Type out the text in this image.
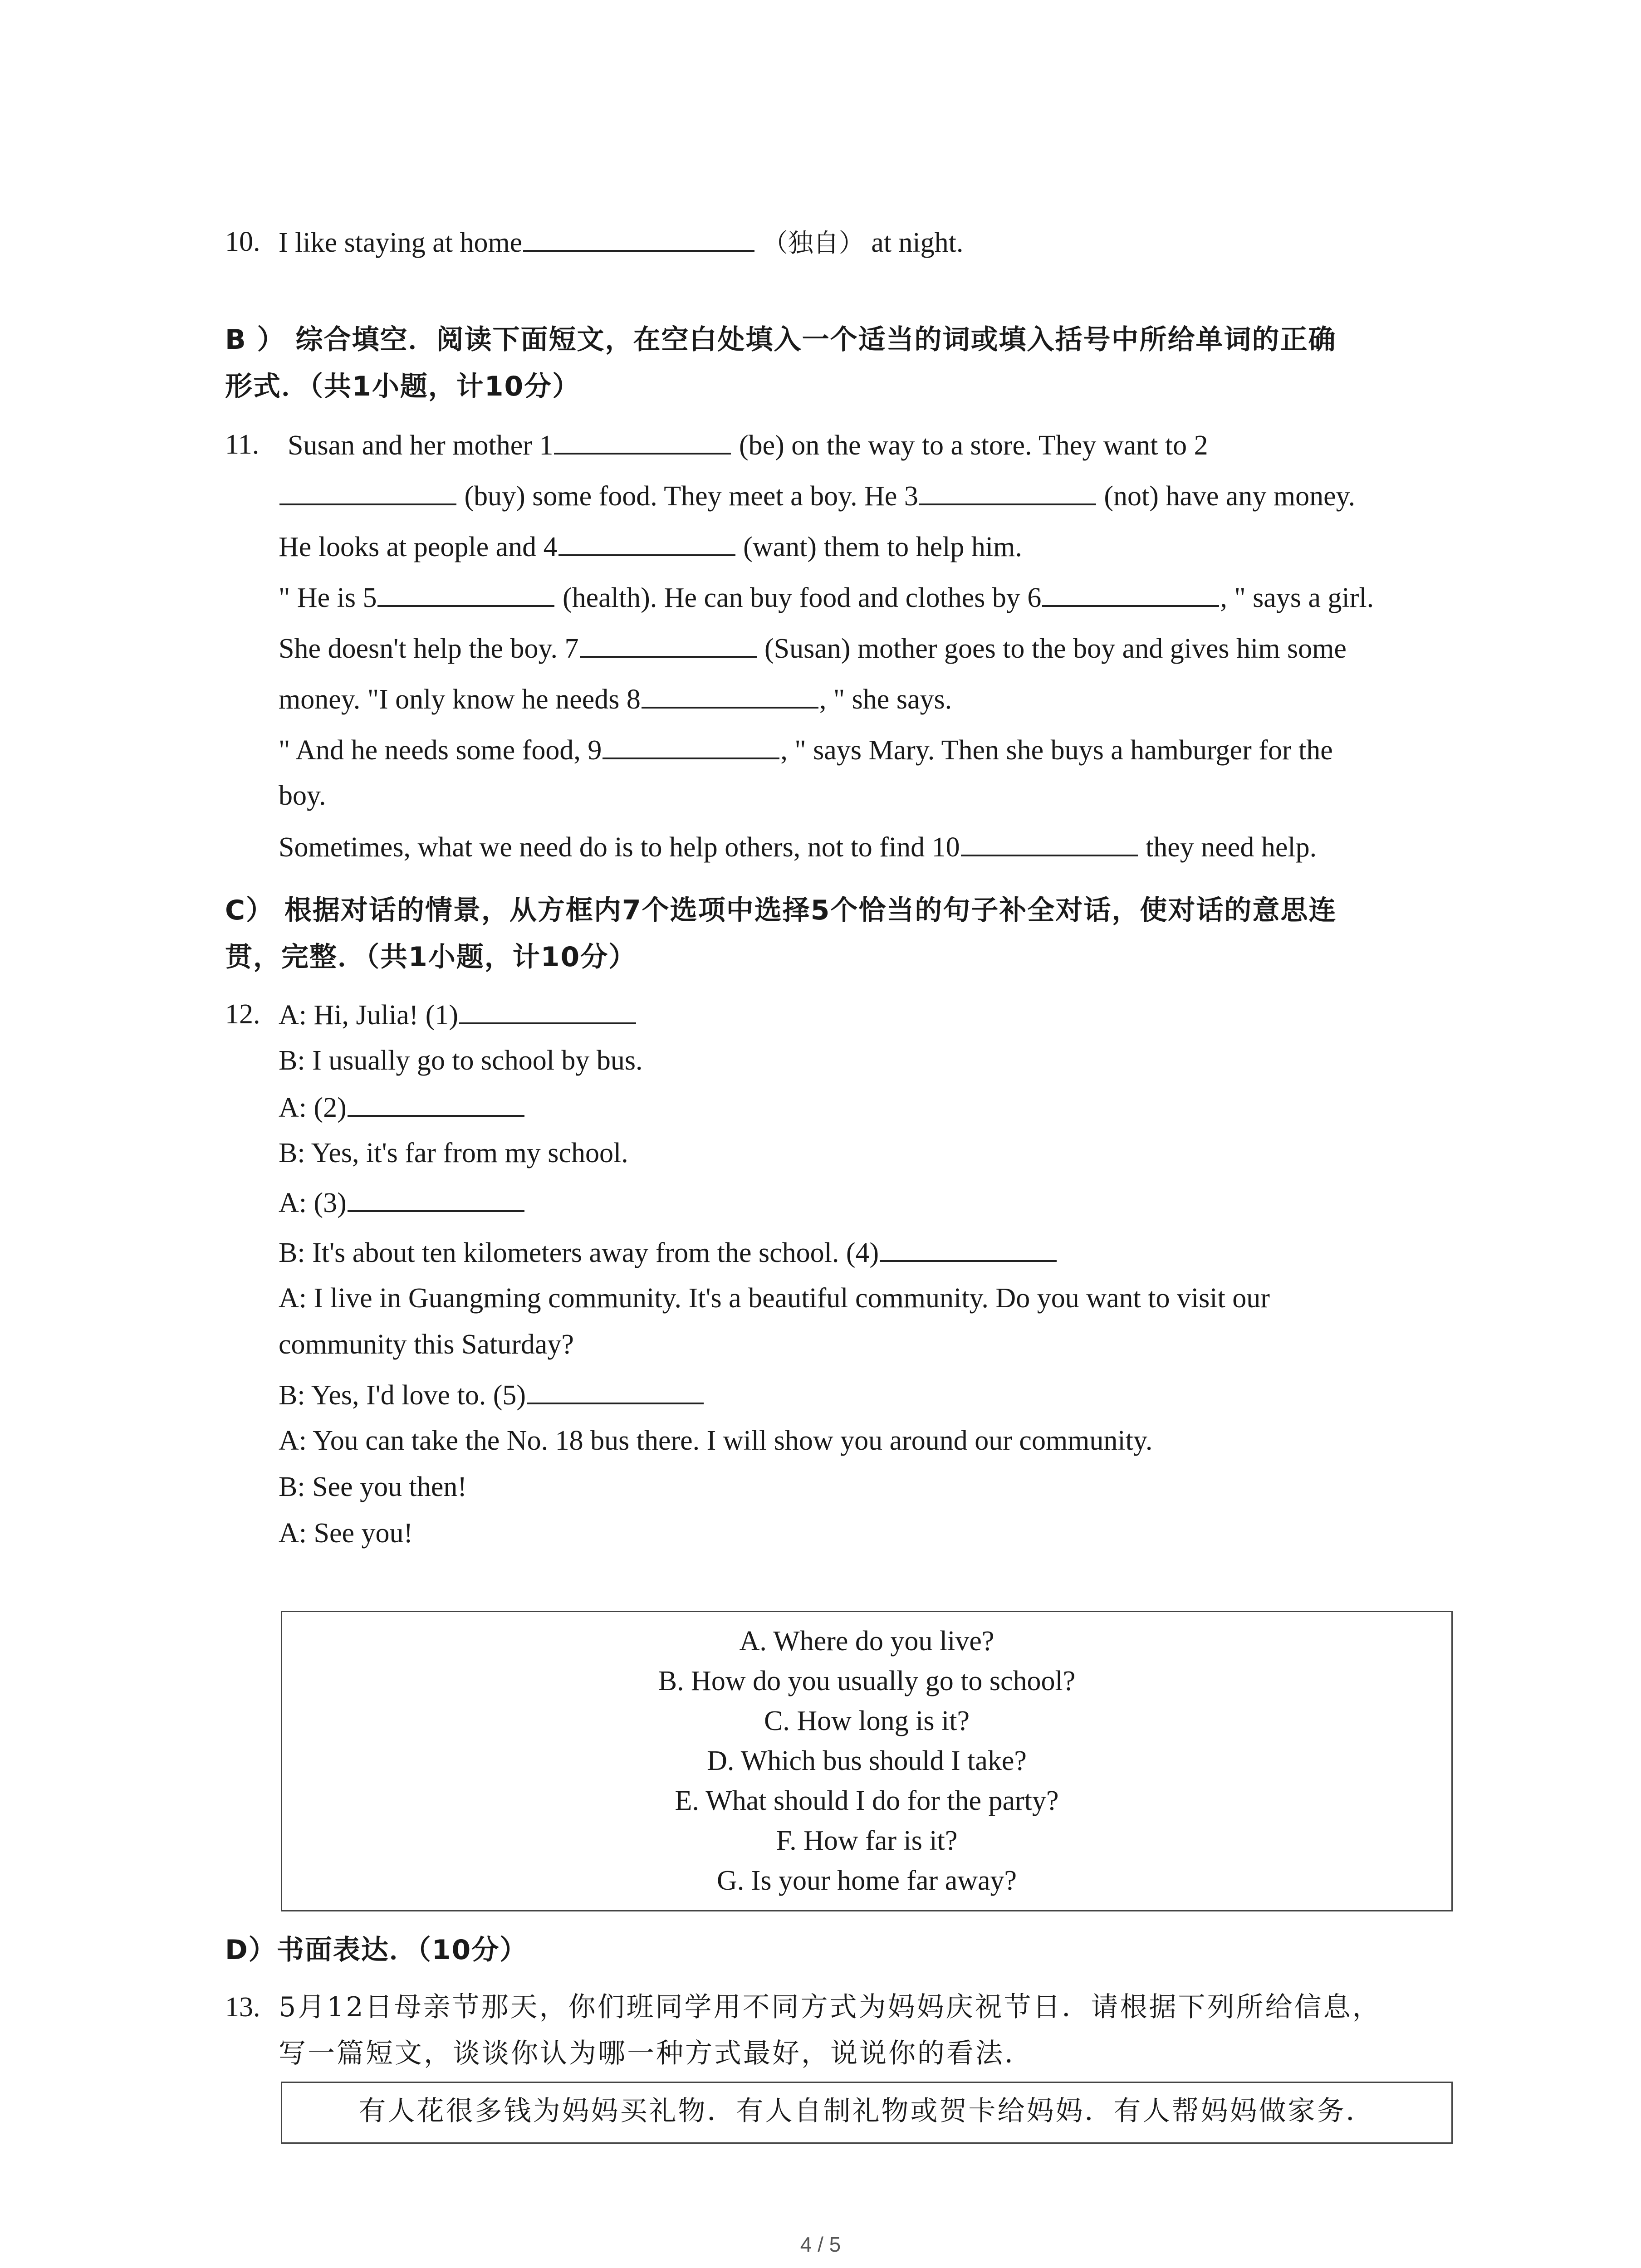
10. I like staying at home	（独自） at night.
B ） 综合填空．阅读下面短文，在空白处填入一个适当的词或填入括号中所给单词的正确
形式．（共1小题，计10分）
11. Susan and her mother 1	(be) on the way to a store. They want to 2
(buy) some food. They meet a boy. He 3	(not) have any money.
He looks at people and 4	(want) them to help him.
" He is 5	(health). He can buy food and clothes by 6	, " says a girl.
She doesn't help the boy. 7	(Susan) mother goes to the boy and gives him some
money. "I only know he needs 8	, " she says.
" And he needs some food, 9	, " says Mary. Then she buys a hamburger for the
boy.
Sometimes, what we need do is to help others, not to find 10	they need help.
C） 根据对话的情景，从方框内7个选项中选择5个恰当的句子补全对话，使对话的意思连
贯，完整．（共1小题，计10分）
12. A: Hi, Julia! (1)
B: I usually go to school by bus.
A: (2)
B: Yes, it's far from my school.
A: (3)
B: It's about ten kilometers away from the school. (4)
A: I live in Guangming community. It's a beautiful community. Do you want to visit our
community this Saturday?
B: Yes, I'd love to. (5)
A: You can take the No. 18 bus there. I will show you around our community.
B: See you then!
A: See you!
A. Where do you live?
B. How do you usually go to school?
C. How long is it?
D. Which bus should I take?
E. What should I do for the party?
F. How far is it?
G. Is your home far away?
D）书面表达．（10分）
13. 5月12日母亲节那天，你们班同学用不同方式为妈妈庆祝节日．请根据下列所给信息，
写一篇短文，谈谈你认为哪一种方式最好，说说你的看法．
有人花很多钱为妈妈买礼物．有人自制礼物或贺卡给妈妈．有人帮妈妈做家务．
4 / 5
